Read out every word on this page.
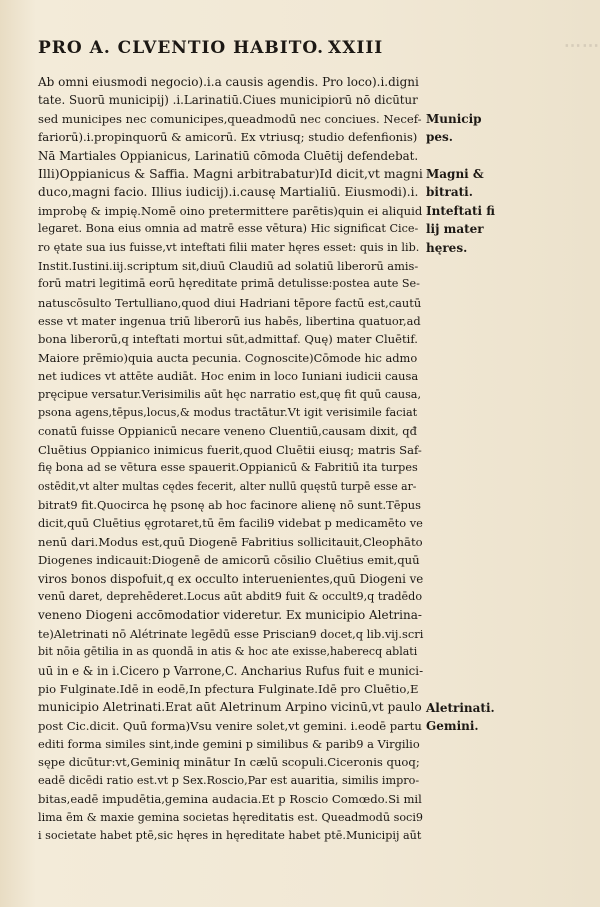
PRO A. CLVENTIO HABITO. XXIII	⋯⋯
Ab omni eiusmodi negocio).i.a causis agendis. Pro loco).i.digni
tate. Suorū municipij) .i.Larinatiū.Ciues municipiorū nō dicūtur
sed municipes nec comunicipes,queadmodū nec conciues. Necef-
fariorū).i.propinquorū & amicorū. Ex vtriusq; studio defenfionis)
Nā Martiales Oppianicus, Larinatiū cōmoda Cluētij defendebat.
Illi)Oppianicus & Saffia. Magni arbitrabatur)Id dicit,vt magni
duco,magni facio. Illius iudicij).i.causę Martialiū. Eiusmodi).i.
improbę & impię.Nomē oino pretermittere parētis)quin ei aliquid
legaret. Bona eius omnia ad matrē esse vētura) Hic significat Cice-
ro ętate sua ius fuisse,vt inteftati filii mater hęres esset: quis in lib.
Instit.Iustini.iij.scriptum sit,diuū Claudiū ad solatiū liberorū amis-
forū matri legitimā eorū hęreditate primā detulisse:postea aute Se-
natuscōsulto Tertulliano,quod diui Hadriani tēpore factū est,cautū
esse vt mater ingenua triū liberorū ius habēs, libertina quatuor,ad
bona liberorū,q inteftati mortui sūt,admittaf. Quę) mater Cluētif.
Maiore prēmio)quia aucta pecunia. Cognoscite)Cōmode hic admo
net iudices vt attēte audiāt. Hoc enim in loco Iuniani iudicii causa
pręcipue versatur.Verisimilis aūt hęc narratio est,quę fit quū causa,
psona agens,tēpus,locus,& modus tractātur.Vt igit verisimile faciat
conatū fuisse Oppianicū necare veneno Cluentiū,causam dixit, qđ
Cluētius Oppianico inimicus fuerit,quod Cluētii eiusq; matris Saf-
fię bona ad se vētura esse spauerit.Oppianicū & Fabritiū ita turpes
ostēdit,vt alter multas cędes fecerit, alter nullū quęstū turpē esse ar-
bitrat9 fit.Quocirca hę psonę ab hoc facinore alienę nō sunt.Tēpus
dicit,quū Cluētius ęgrotaret,tū ēm facili9 videbat p medicamēto ve
nenū dari.Modus est,quū Diogenē Fabritius sollicitauit,Cleophāto
Diogenes indicauit:Diogenē de amicorū cōsilio Cluētius emit,quū
viros bonos dispofuit,q ex occulto interuenientes,quū Diogeni ve
venū daret, deprehēderet.Locus aūt abdit9 fuit & occult9,q tradēdo
veneno Diogeni accōmodatior videretur. Ex municipio Aletrina-
te)Aletrinati nō Alétrinate legēdū esse Priscian9 docet,q lib.vij.scri
bit nōia gētilia in as quondā in atis & hoc ate exisse,haberecq ablati
uū in e & in i.Cicero p Varrone,C. Ancharius Rufus fuit e munici-
pio Fulginate.Idē in eodē,In pfectura Fulginate.Idē pro Cluētio,E
municipio Aletrinati.Erat aūt Aletrinum Arpino vicinū,vt paulo
post Cic.dicit. Quū forma)Vsu venire solet,vt gemini. i.eodē partu
editi forma similes sint,inde gemini p similibus & parib9 a Virgilio
sępe dicūtur:vt,Geminiq minātur In cælū scopuli.Ciceronis quoq;
eadē dicēdi ratio est.vt p Sex.Roscio,Par est auaritia, similis impro-
bitas,eadē impudētia,gemina audacia.Et p Roscio Comœdo.Si mil
lima ēm & maxie gemina societas hęreditatis est. Queadmodū soci9
i societate habet ptē,sic hęres in hęreditate habet ptē.Municipij aūt
Municip
pes.
Magni &
bitrati.
Inteftati fi
lij mater
hęres.
Aletrinati.
Gemini.
